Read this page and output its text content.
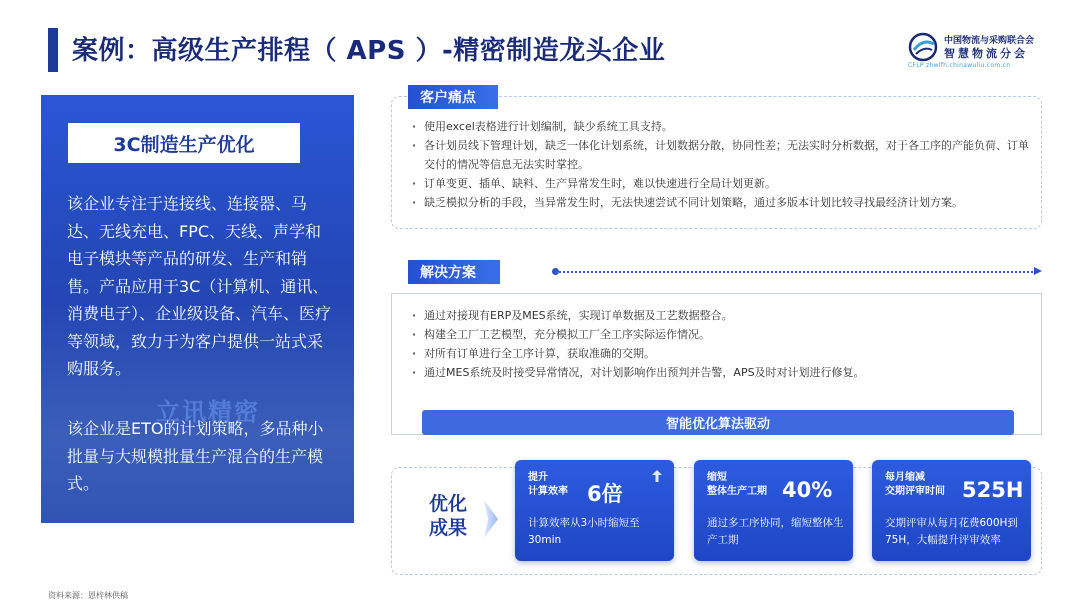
案例：高级生产排程（ APS ）-精密制造龙头企业	中国物流与采购联合会
智慧物流分会
CFLP zhwlfh.chinawuliu.com.cn
立讯精密
3C制造生产优化
该企业专注于连接线、连接器、马达、无线充电、FPC、天线、声学和电子模块等产品的研发、生产和销售。产品应用于3C（计算机、通讯、消费电子）、企业级设备、汽车、医疗等领域，致力于为客户提供一站式采购服务。
该企业是ETO的计划策略，多品种小批量与大规模批量生产混合的生产模式。
客户痛点
· 使用excel表格进行计划编制，缺少系统工具支持。
· 各计划员线下管理计划，缺乏一体化计划系统，计划数据分散，协同性差；无法实时分析数据，对于各工序的产能负荷、订单交付的情况等信息无法实时掌控。
· 订单变更、插单、缺料、生产异常发生时，难以快速进行全局计划更新。
· 缺乏模拟分析的手段，当异常发生时，无法快速尝试不同计划策略，通过多版本计划比较寻找最经济计划方案。
解决方案
· 通过对接现有ERP及MES系统，实现订单数据及工艺数据整合。
· 构建全工厂工艺模型，充分模拟工厂全工序实际运作情况。
· 对所有订单进行全工序计算，获取准确的交期。
· 通过MES系统及时接受异常情况，对计划影响作出预判并告警，APS及时对计划进行修复。
智能优化算法驱动
优化
成果
提升
计算效率 6倍
计算效率从3小时缩短至30min
缩短
整体生产工期 40%
通过多工序协同，缩短整体生产工期
每月缩减
交期评审时间 525H
交期评审从每月花费600H到75H，大幅提升评审效率
资料来源：恩梓林供稿
